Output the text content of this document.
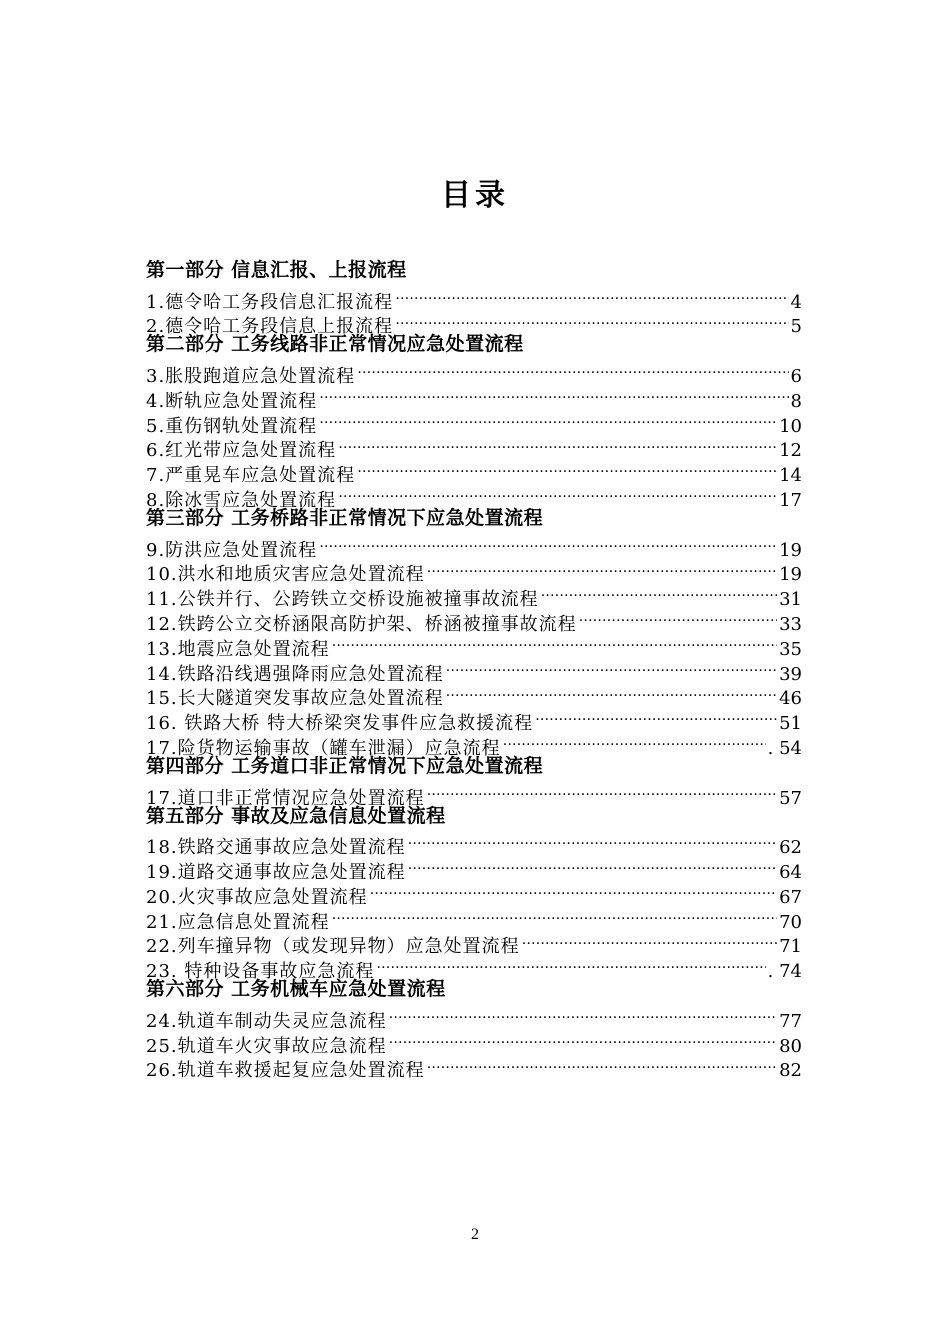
目录
第一部分 信息汇报、上报流程
1.德令哈工务段信息汇报流程 …………………………………………………………………………………………………………………………………………………………	4
2.德令哈工务段信息上报流程 …………………………………………………………………………………………………………………………………………………………	5
第二部分 工务线路非正常情况应急处置流程
3.胀股跑道应急处置流程 …………………………………………………………………………………………………………………………………………………………	6
4.断轨应急处置流程 …………………………………………………………………………………………………………………………………………………………	8
5.重伤钢轨处置流程 …………………………………………………………………………………………………………………………………………………………	10
6.红光带应急处置流程 …………………………………………………………………………………………………………………………………………………………	12
7.严重晃车应急处置流程 …………………………………………………………………………………………………………………………………………………………	14
8.除冰雪应急处置流程 …………………………………………………………………………………………………………………………………………………………	17
第三部分 工务桥路非正常情况下应急处置流程
9.防洪应急处置流程 …………………………………………………………………………………………………………………………………………………………	19
10.洪水和地质灾害应急处置流程 …………………………………………………………………………………………………………………………………………………………	19
11.公铁并行、公跨铁立交桥设施被撞事故流程 …………………………………………………………………………………………………………………………………………………………	31
12.铁跨公立交桥涵限高防护架、桥涵被撞事故流程 …………………………………………………………………………………………………………………………………………………………	33
13.地震应急处置流程 …………………………………………………………………………………………………………………………………………………………	35
14.铁路沿线遇强降雨应急处置流程 …………………………………………………………………………………………………………………………………………………………	39
15.长大隧道突发事故应急处置流程 …………………………………………………………………………………………………………………………………………………………	46
16. 铁路大桥 特大桥梁突发事件应急救援流程 …………………………………………………………………………………………………………………………………………………………	51
17.险货物运输事故（罐车泄漏）应急流程 …………………………………………………………………………………………………………………………………………………………	. 54
第四部分 工务道口非正常情况下应急处置流程
17.道口非正常情况应急处置流程 …………………………………………………………………………………………………………………………………………………………	57
第五部分 事故及应急信息处置流程
18.铁路交通事故应急处置流程 …………………………………………………………………………………………………………………………………………………………	62
19.道路交通事故应急处置流程 …………………………………………………………………………………………………………………………………………………………	64
20.火灾事故应急处置流程 …………………………………………………………………………………………………………………………………………………………	67
21.应急信息处置流程 …………………………………………………………………………………………………………………………………………………………	70
22.列车撞异物（或发现异物）应急处置流程 …………………………………………………………………………………………………………………………………………………………	71
23. 特种设备事故应急流程 …………………………………………………………………………………………………………………………………………………………	. 74
第六部分 工务机械车应急处置流程
24.轨道车制动失灵应急流程 …………………………………………………………………………………………………………………………………………………………	77
25.轨道车火灾事故应急流程 …………………………………………………………………………………………………………………………………………………………	80
26.轨道车救援起复应急处置流程 …………………………………………………………………………………………………………………………………………………………	82
2
